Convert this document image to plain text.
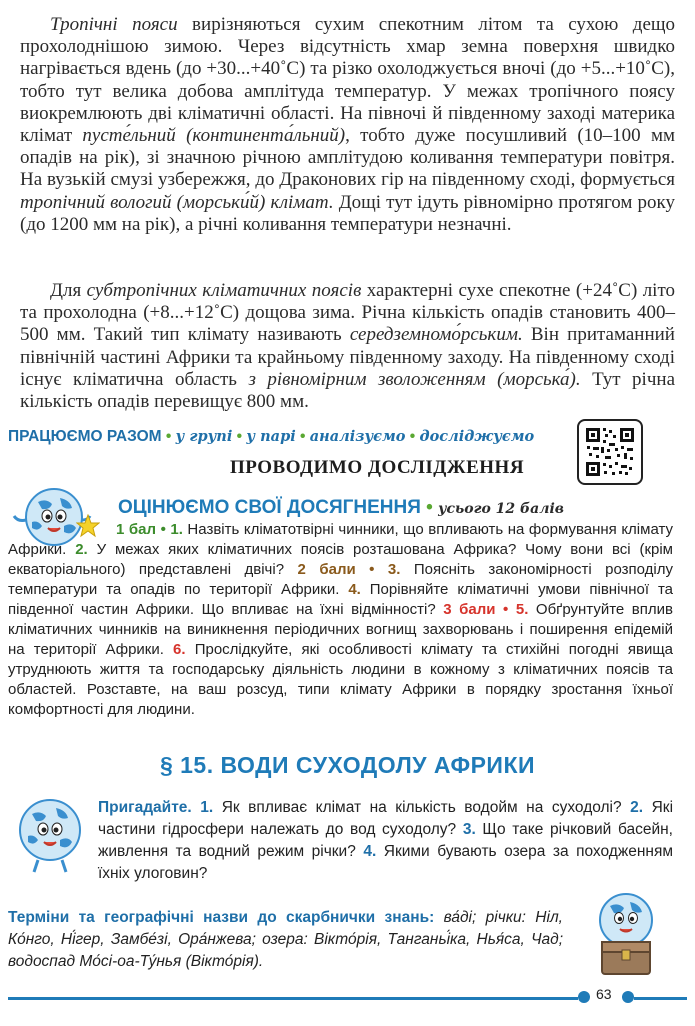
Тропічні пояси вирізняються сухим спекотним літом та сухою дещо прохолоднішою зимою. Через відсутність хмар земна поверхня швидко нагрівається вдень (до +30...+40˚С) та різко охолоджується вночі (до +5...+10˚С), тобто тут велика добова амплітуда температур. У межах тропічного поясу виокремлюють дві кліматичні області. На півночі й південному заході материка клімат пусте́льний (континента́льний), тобто дуже посушливий (10–100 мм опадів на рік), зі значною річною амплітудою коливання температури повітря. На вузькій смузі узбережжя, до Драконових гір на південному сході, формується тропічний вологий (морськи́й) клімат. Дощі тут ідуть рівномірно протягом року (до 1200 мм на рік), а річні коливання температури незначні.

Для субтропічних кліматичних поясів характерні сухе спекотне (+24˚С) літо та прохолодна (+8...+12˚С) дощова зима. Річна кількість опадів становить 400–500 мм. Такий тип клімату називають середземномо́рським. Він притаманний північній частині Африки та крайньому південному заходу. На південному сході існує кліматична область з рівномірним зволоженням (морська́). Тут річна кількість опадів перевищує 800 мм.

ПРАЦЮЄМО РАЗОМ • у групі • у парі • аналізуємо • досліджуємо
ПРОВОДИМО ДОСЛІДЖЕННЯ
ОЦІНЮЄМО СВОЇ ДОСЯГНЕННЯ • усього 12 балів

1 бал • 1. Назвіть кліматотвірні чинники, що впливають на формування клімату Африки. 2. У межах яких кліматичних поясів розташована Африка? Чому вони всі (крім екваторіального) представлені двічі? 2 бали • 3. Поясніть закономірності розподілу температури та опадів по території Африки. 4. Порівняйте кліматичні умови північної та південної частин Африки. Що впливає на їхні відмінності? 3 бали • 5. Обґрунтуйте вплив кліматичних чинників на виникнення періодичних вогнищ захворювань і поширення епідемій на території Африки. 6. Прослідкуйте, які особливості клімату та стихійні погодні явища утруднюють життя та господарську діяльність людини в кожному з кліматичних поясів та областей. Розставте, на ваш розсуд, типи клімату Африки в порядку зростання їхньої комфортності для людини.

§ 15. ВОДИ СУХОДОЛУ АФРИКИ

Пригадайте. 1. Як впливає клімат на кількість водойм на суходолі? 2. Які частини гідросфери належать до вод суходолу? 3. Що таке річковий басейн, живлення та водний режим річки? 4. Якими бувають озера за походженням їхніх улоговин?

Терміни та географічні назви до скарбнички знань: ва́ді; річки: Ніл, Ко́нго, Ні́гер, Замбе́зі, Ора́нжева; озера: Вікто́рія, Танганьі́ка, Нья́са, Чад; водоспад Мо́сі-оа-Ту́нья (Вікто́рія).

63
